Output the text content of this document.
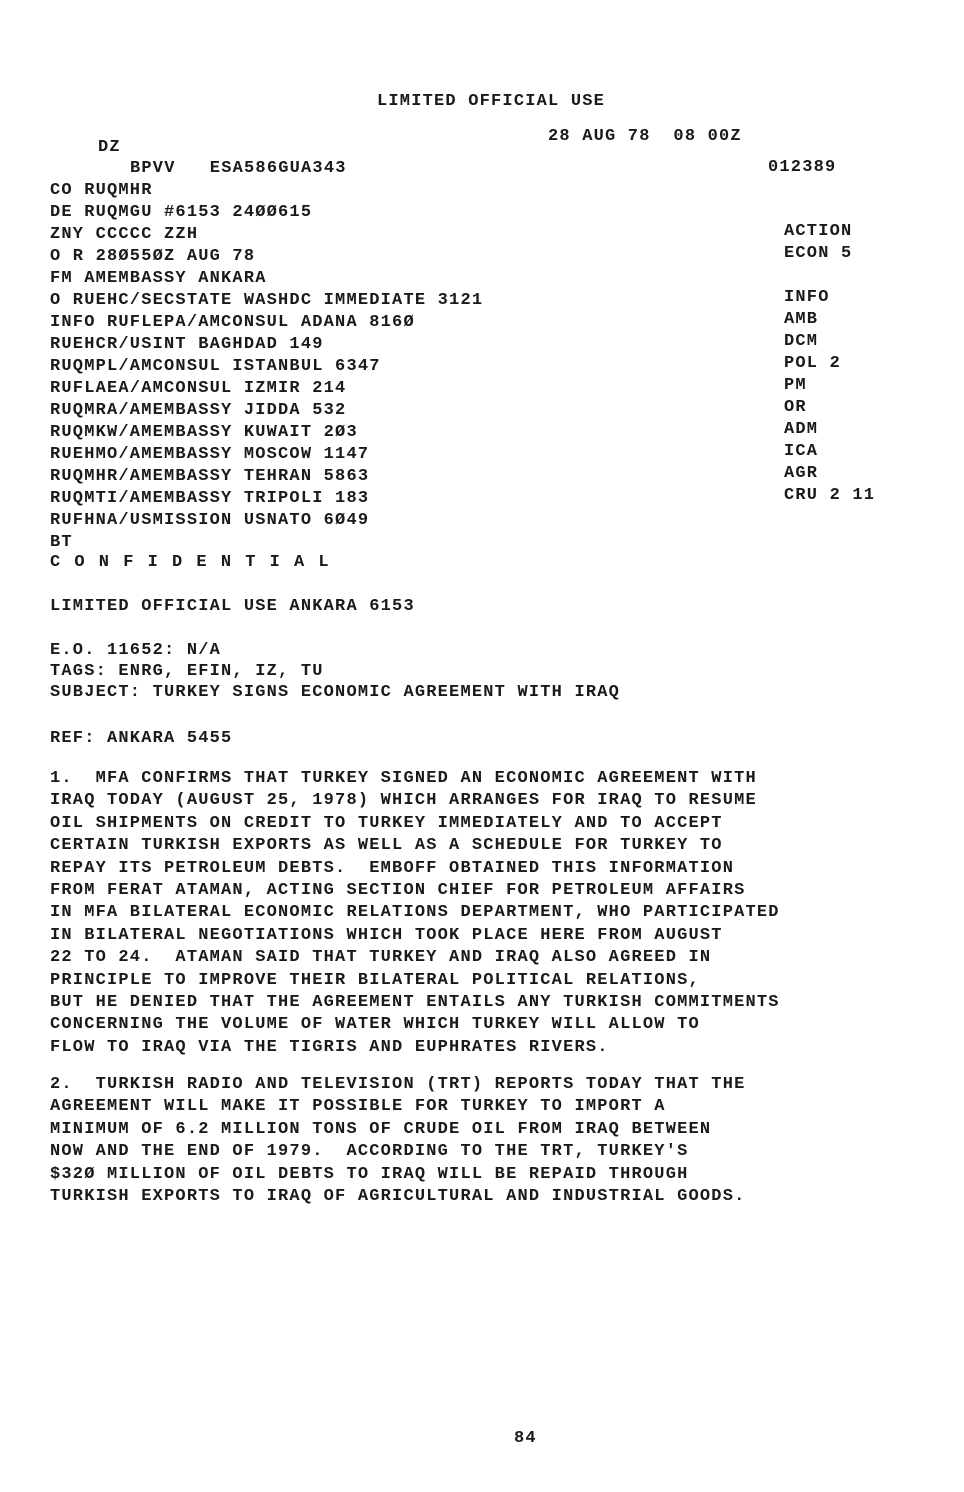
LIMITED OFFICIAL USE
28 AUG 78  08 00Z
DZ
BPVV   ESA586GUA343	012389
CO RUQMHR
DE RUQMGU #6153 24ØØ615
ZNY CCCCC ZZH
O R 28Ø55ØZ AUG 78
FM AMEMBASSY ANKARA
O RUEHC/SECSTATE WASHDC IMMEDIATE 3121
INFO RUFLEPA/AMCONSUL ADANA 816Ø
RUEHCR/USINT BAGHDAD 149
RUQMPL/AMCONSUL ISTANBUL 6347
RUFLAEA/AMCONSUL IZMIR 214
RUQMRA/AMEMBASSY JIDDA 532
RUQMKW/AMEMBASSY KUWAIT 2Ø3
RUEHMO/AMEMBASSY MOSCOW 1147
RUQMHR/AMEMBASSY TEHRAN 5863
RUQMTI/AMEMBASSY TRIPOLI 183
RUFHNA/USMISSION USNATO 6Ø49
BT
ACTION
ECON 5
INFO
AMB
DCM
POL 2
PM
OR
ADM
ICA
AGR
CRU 2 11
C O N F I D E N T I A L
LIMITED OFFICIAL USE ANKARA 6153
E.O. 11652: N/A
TAGS: ENRG, EFIN, IZ, TU
SUBJECT: TURKEY SIGNS ECONOMIC AGREEMENT WITH IRAQ
REF: ANKARA 5455
1.  MFA CONFIRMS THAT TURKEY SIGNED AN ECONOMIC AGREEMENT WITH
IRAQ TODAY (AUGUST 25, 1978) WHICH ARRANGES FOR IRAQ TO RESUME
OIL SHIPMENTS ON CREDIT TO TURKEY IMMEDIATELY AND TO ACCEPT
CERTAIN TURKISH EXPORTS AS WELL AS A SCHEDULE FOR TURKEY TO
REPAY ITS PETROLEUM DEBTS.  EMBOFF OBTAINED THIS INFORMATION
FROM FERAT ATAMAN, ACTING SECTION CHIEF FOR PETROLEUM AFFAIRS
IN MFA BILATERAL ECONOMIC RELATIONS DEPARTMENT, WHO PARTICIPATED
IN BILATERAL NEGOTIATIONS WHICH TOOK PLACE HERE FROM AUGUST
22 TO 24.  ATAMAN SAID THAT TURKEY AND IRAQ ALSO AGREED IN
PRINCIPLE TO IMPROVE THEIR BILATERAL POLITICAL RELATIONS,
BUT HE DENIED THAT THE AGREEMENT ENTAILS ANY TURKISH COMMITMENTS
CONCERNING THE VOLUME OF WATER WHICH TURKEY WILL ALLOW TO
FLOW TO IRAQ VIA THE TIGRIS AND EUPHRATES RIVERS.
2.  TURKISH RADIO AND TELEVISION (TRT) REPORTS TODAY THAT THE
AGREEMENT WILL MAKE IT POSSIBLE FOR TURKEY TO IMPORT A
MINIMUM OF 6.2 MILLION TONS OF CRUDE OIL FROM IRAQ BETWEEN
NOW AND THE END OF 1979.  ACCORDING TO THE TRT, TURKEY'S
$32Ø MILLION OF OIL DEBTS TO IRAQ WILL BE REPAID THROUGH
TURKISH EXPORTS TO IRAQ OF AGRICULTURAL AND INDUSTRIAL GOODS.
84
